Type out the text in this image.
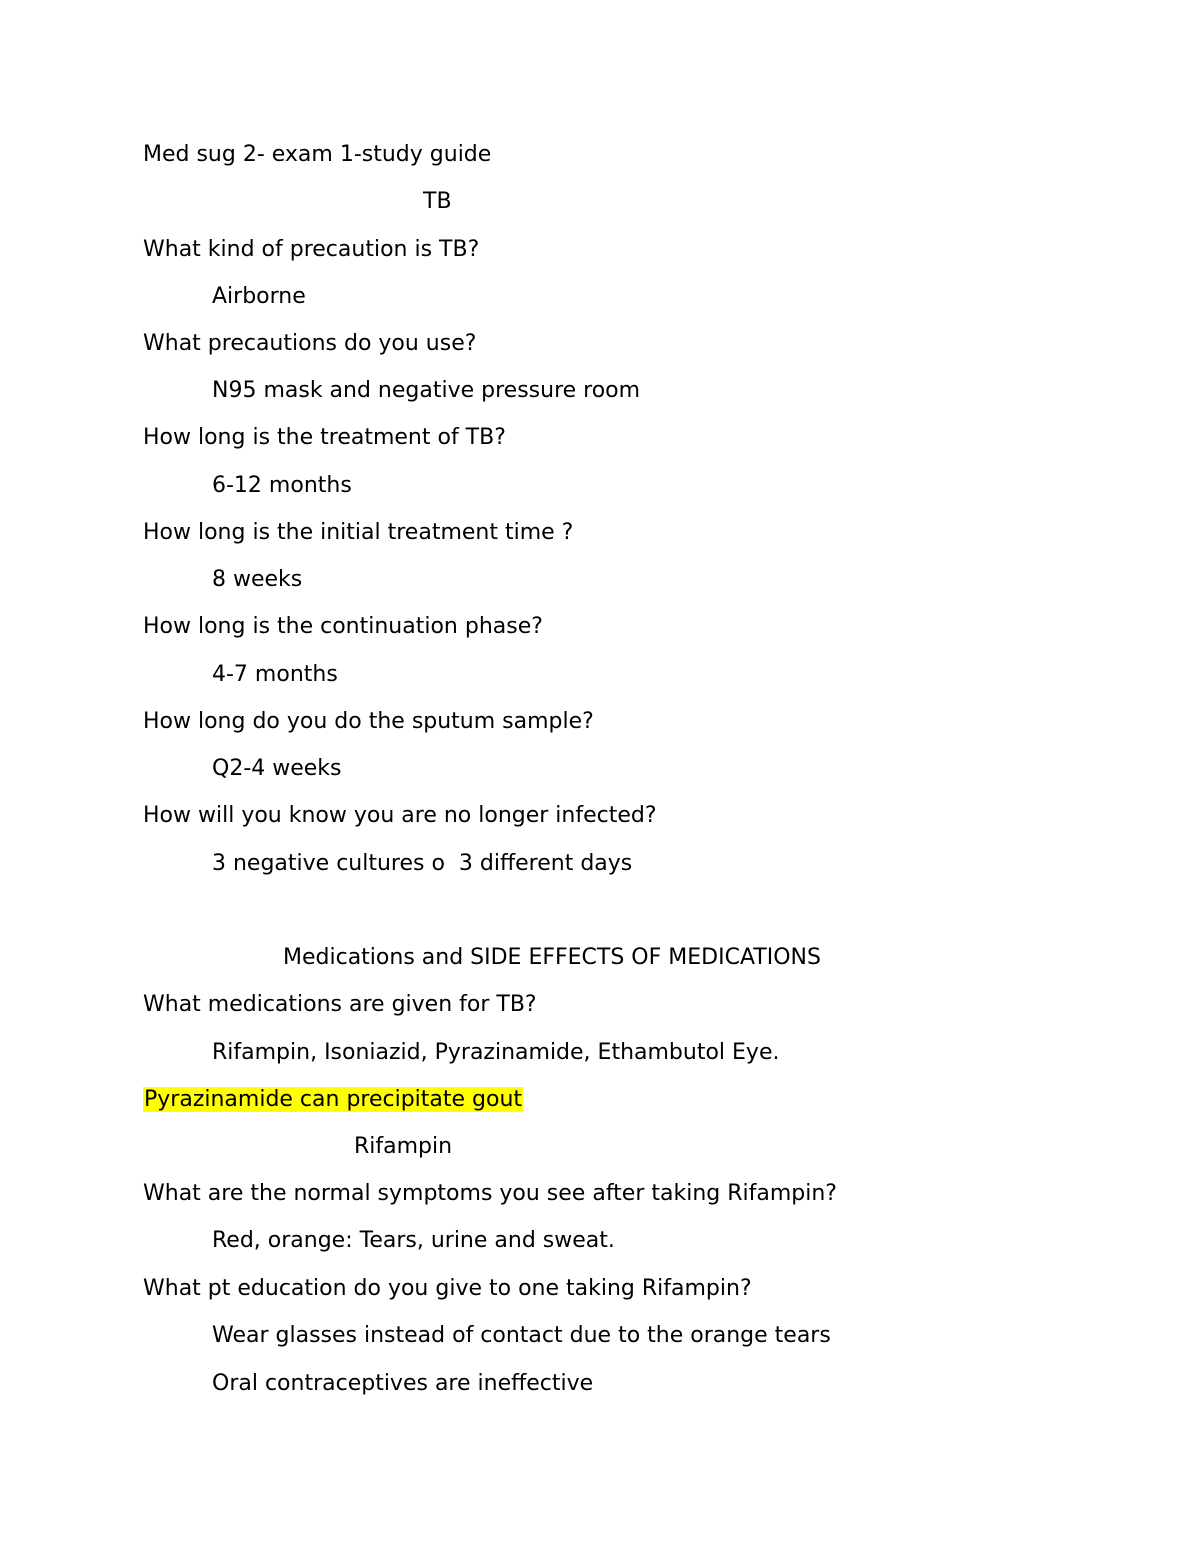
Med sug 2- exam 1-study guide

TB

What kind of precaution is TB?

Airborne

What precautions do you use?

N95 mask and negative pressure room

How long is the treatment of TB?

6-12 months

How long is the initial treatment time ?

8 weeks

How long is the continuation phase?

4-7 months

How long do you do the sputum sample?

Q2-4 weeks

How will you know you are no longer infected?

3 negative cultures o  3 different days

Medications and SIDE EFFECTS OF MEDICATIONS

What medications are given for TB?

Rifampin, Isoniazid, Pyrazinamide, Ethambutol Eye.

Pyrazinamide can precipitate gout

Rifampin

What are the normal symptoms you see after taking Rifampin?

Red, orange: Tears, urine and sweat.

What pt education do you give to one taking Rifampin?

Wear glasses instead of contact due to the orange tears

Oral contraceptives are ineffective
